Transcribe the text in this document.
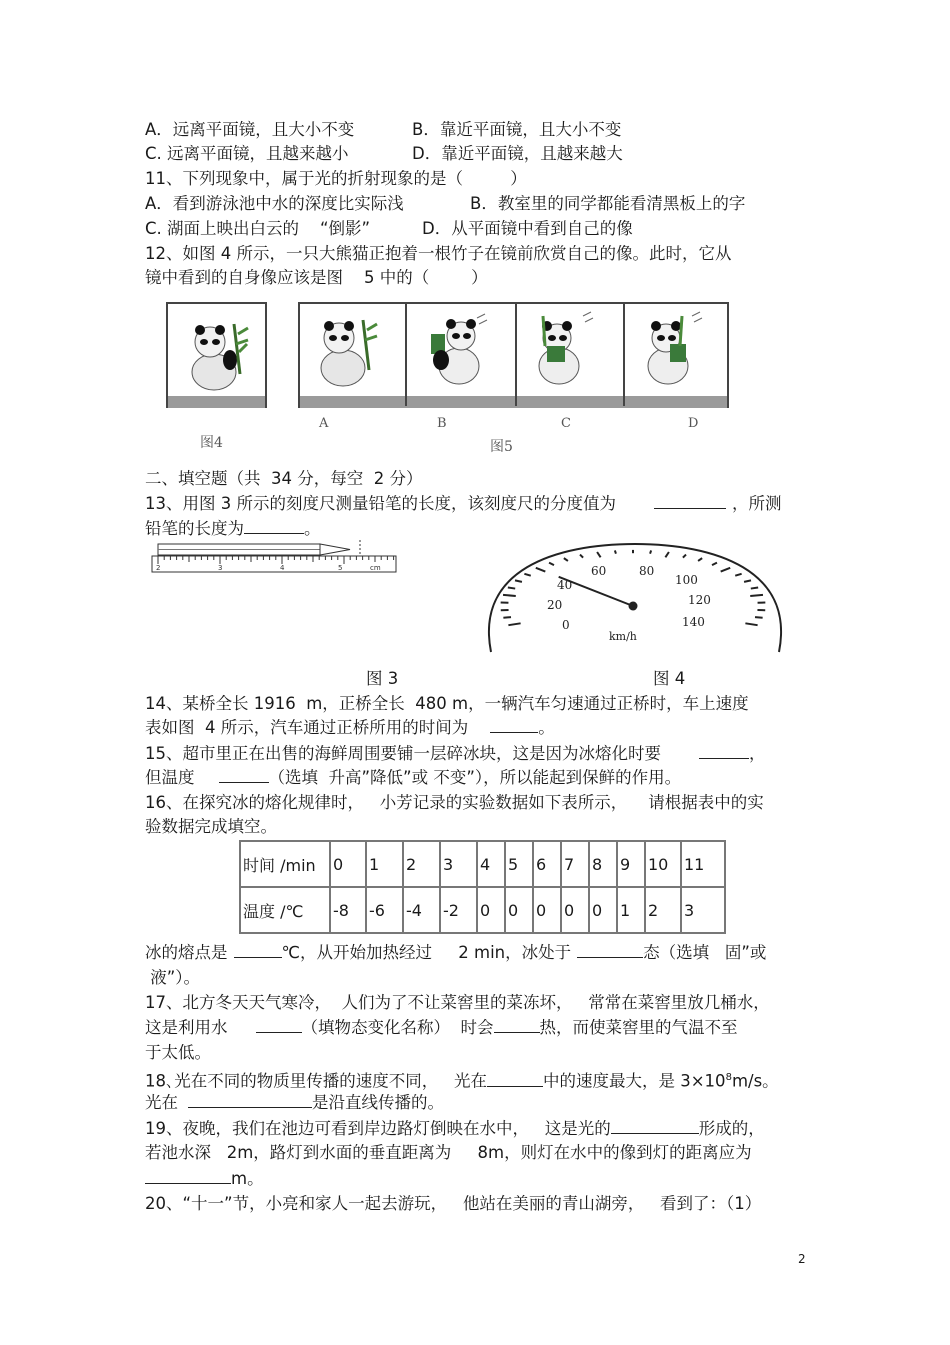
A．远离平面镜，且大小不变	B．靠近平面镜，且大小不变
C. 远离平面镜，且越来越小	D．靠近平面镜，且越来越大
11、下列现象中，属于光的折射现象的是（         ）
A．看到游泳池中水的深度比实际浅	B．教室里的同学都能看清黑板上的字
C. 湖面上映出白云的    “倒影”	D．从平面镜中看到自己的像
12、如图 4 所示，一只大熊猫正抱着一根竹子在镜前欣赏自己的像。此时，它从
镜中看到的自身像应该是图    5 中的（        ）
图4
A	B	C	D
图5
二、填空题（共  34 分，每空  2 分）
13、用图 3 所示的刻度尺测量铅笔的长度，该刻度尺的分度值为	，所测
铅笔的长度为	。
2	3	4	5	cm
0
20
40
60	80
100
120
140
km/h
图 3	图 4
14、某桥全长 1916  m，正桥全长  480 m，一辆汽车匀速通过正桥时，车上速度
表如图  4 所示，汽车通过正桥所用的时间为	。
15、超市里正在出售的海鲜周围要铺一层碎冰块，这是因为冰熔化时要	，
但温度	（选填  升高”降低”或 不变”），所以能起到保鲜的作用。
16、在探究冰的熔化规律时，   小芳记录的实验数据如下表所示，    请根据表中的实
验数据完成填空。
时间 /min	0	1	2	3	4	5	6	7	8	9	10	11
温度 /℃	-8	-6	-4	-2	0	0	0	0	0	1	2	3
冰的熔点是	℃，从开始加热经过     2 min，冰处于	态（选填   固”或
液”）。
17、北方冬天天气寒冷，  人们为了不让菜窖里的菜冻坏，   常常在菜窖里放几桶水，
这是利用水	（填物态变化名称）  时会	热，而使菜窖里的气温不至
于太低。
18､光在不同的物质里传播的速度不同，   光在	中的速度最大，是 $3\times 10^8m/s$。
光在	是沿直线传播的。
19、夜晚，我们在池边可看到岸边路灯倒映在水中，   这是光的	形成的，
若池水深   2m，路灯到水面的垂直距离为     8m，则灯在水中的像到灯的距离应为
m。
20、“十一”节，小亮和家人一起去游玩，   他站在美丽的青山湖旁，   看到了：（1）
2
